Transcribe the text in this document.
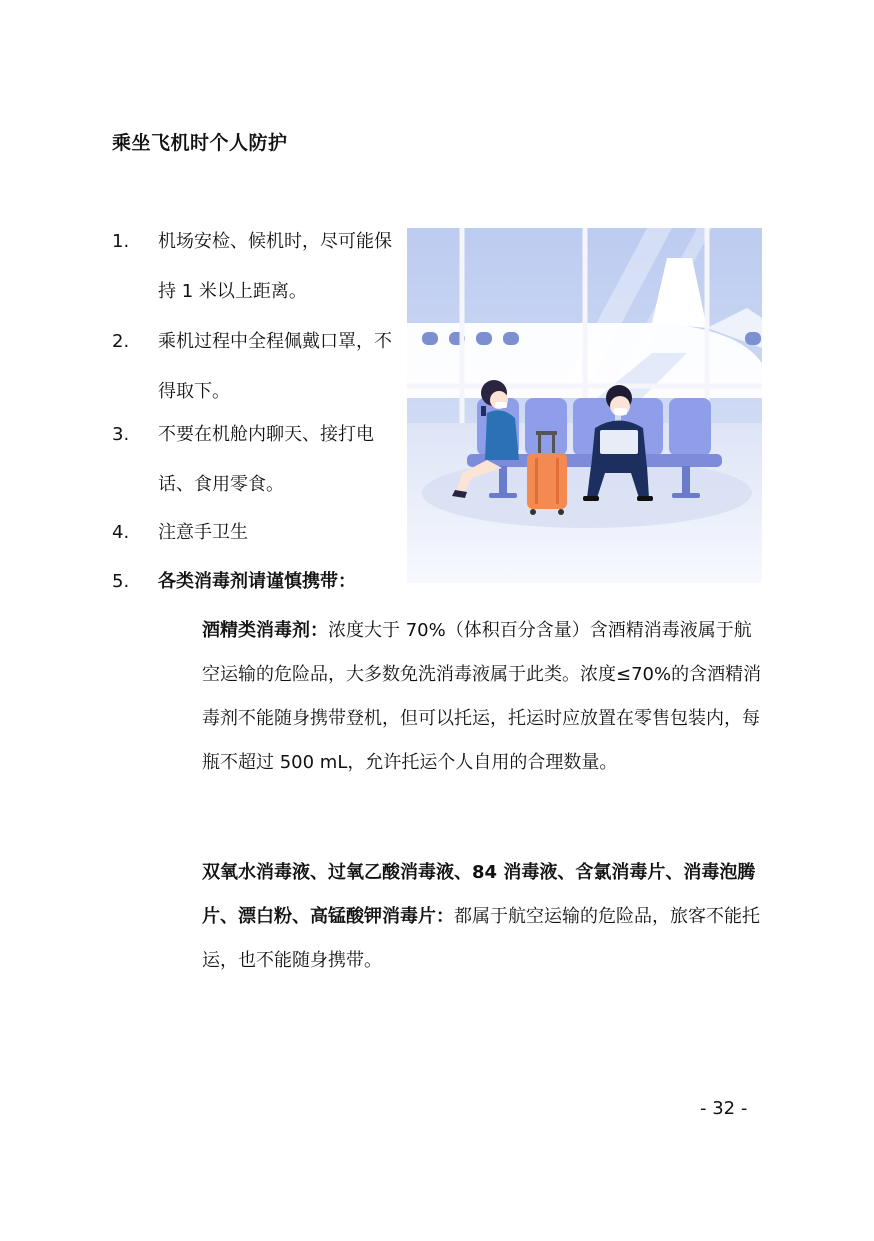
乘坐飞机时个人防护
1. 机场安检、候机时，尽可能保持 1 米以上距离。
2. 乘机过程中全程佩戴口罩，不得取下。
3. 不要在机舱内聊天、接打电话、食用零食。
4. 注意手卫生
5. 各类消毒剂请谨慎携带：
酒精类消毒剂：浓度大于 70%（体积百分含量）含酒精消毒液属于航空运输的危险品，大多数免洗消毒液属于此类。浓度≤70%的含酒精消毒剂不能随身携带登机，但可以托运，托运时应放置在零售包装内，每瓶不超过 500 mL，允许托运个人自用的合理数量。
双氧水消毒液、过氧乙酸消毒液、84 消毒液、含氯消毒片、消毒泡腾片、漂白粉、高锰酸钾消毒片：都属于航空运输的危险品，旅客不能托运，也不能随身携带。
- 32 -
